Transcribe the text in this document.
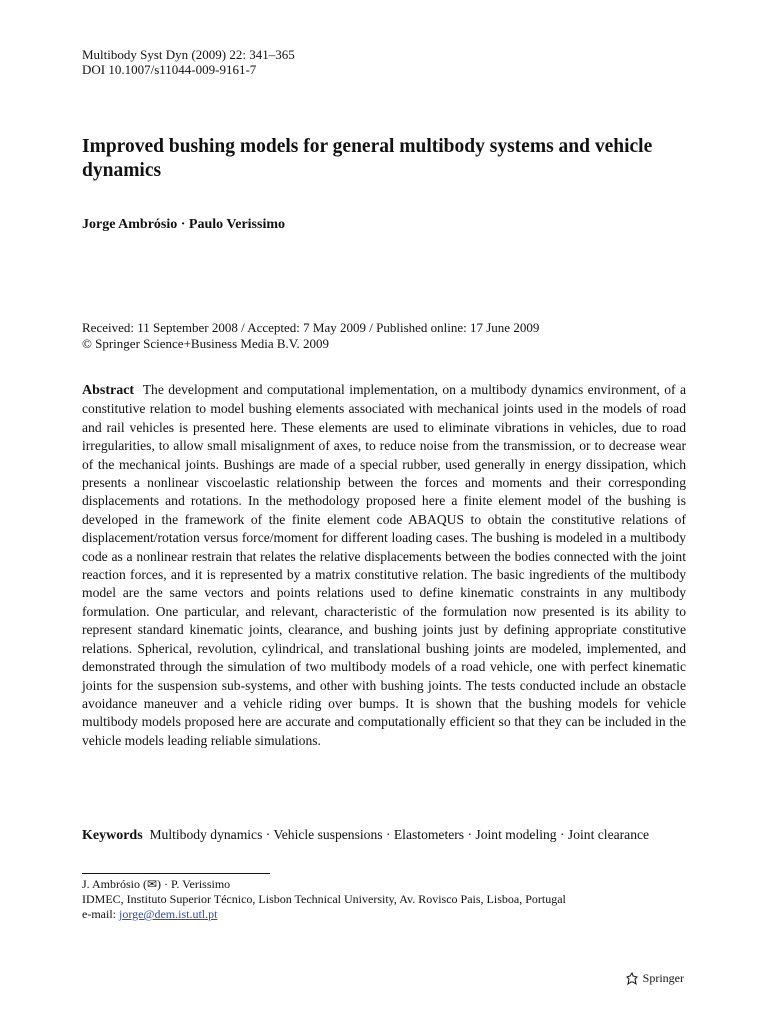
Multibody Syst Dyn (2009) 22: 341–365
DOI 10.1007/s11044-009-9161-7
Improved bushing models for general multibody systems and vehicle dynamics
Jorge Ambrósio · Paulo Verissimo
Received: 11 September 2008 / Accepted: 7 May 2009 / Published online: 17 June 2009
© Springer Science+Business Media B.V. 2009

Abstract The development and computational implementation, on a multibody dynamics environment, of a constitutive relation to model bushing elements associated with mechanical joints used in the models of road and rail vehicles is presented here. These elements are used to eliminate vibrations in vehicles, due to road irregularities, to allow small misalignment of axes, to reduce noise from the transmission, or to decrease wear of the mechanical joints. Bushings are made of a special rubber, used generally in energy dissipation, which presents a nonlinear viscoelastic relationship between the forces and moments and their corresponding displacements and rotations. In the methodology proposed here a finite element model of the bushing is developed in the framework of the finite element code ABAQUS to obtain the constitutive relations of displacement/rotation versus force/moment for different loading cases. The bushing is modeled in a multibody code as a nonlinear restrain that relates the relative displacements between the bodies connected with the joint reaction forces, and it is represented by a matrix constitutive relation. The basic ingredients of the multibody model are the same vectors and points relations used to define kinematic constraints in any multibody formulation. One particular, and relevant, characteristic of the formulation now presented is its ability to represent standard kinematic joints, clearance, and bushing joints just by defining appropriate constitutive relations. Spherical, revolution, cylindrical, and translational bushing joints are modeled, implemented, and demonstrated through the simulation of two multibody models of a road vehicle, one with perfect kinematic joints for the suspension sub-systems, and other with bushing joints. The tests conducted include an obstacle avoidance maneuver and a vehicle riding over bumps. It is shown that the bushing models for vehicle multibody models proposed here are accurate and computationally efficient so that they can be included in the vehicle models leading reliable simulations.

Keywords Multibody dynamics · Vehicle suspensions · Elastometers · Joint modeling · Joint clearance

J. Ambrósio (✉) · P. Verissimo
IDMEC, Instituto Superior Técnico, Lisbon Technical University, Av. Rovisco Pais, Lisboa, Portugal
e-mail: jorge@dem.ist.utl.pt
Springer
